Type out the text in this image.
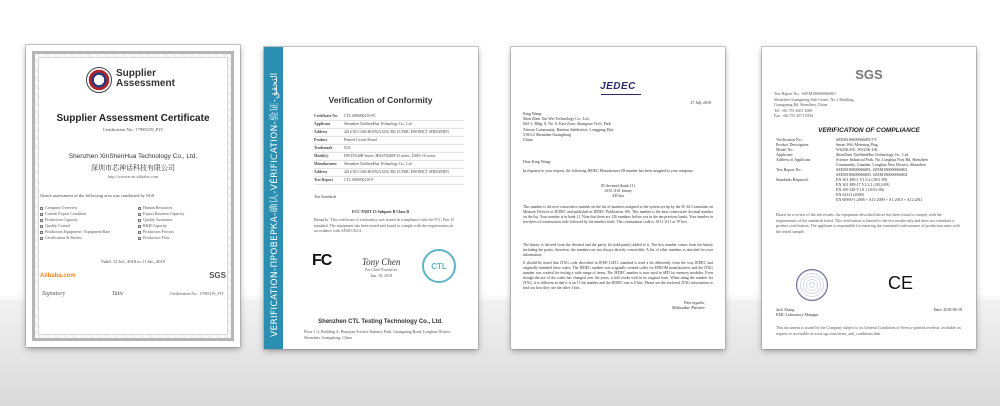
Supplier
Assessment
Supplier Assessment Certificate
Certification No.: 17985159_P1T
Shenzhen XinShenHua Technology Co., Ltd.
深圳市芯神话科技有限公司
http://xsmcn.en.alibaba.com
Onsite assessment of the following area was conducted by SGS
Company Overview
Current Export Condition
Production Capacity
Quality Control
Production Equipment / Equipment Rate
Certification & Patents
Human Resources
Export Business Capacity
Quality Assurance
R&D Capacity
Production Process
Production Flow
Valid: 12 Jul., 2018 to 11 Jul., 2019
Alibaba.com	SGS
Signatory	Tatic	Certification No.: 17985159_P1T	VERIFICATION-ПРОВЕРКА-确认-VÉRIFICATION-验证-التحقق
Verification of Conformity
Certificate No.	CTL1808050210-FC
Applicant	Shenzhen XinShenHua Technology Co., Ltd.
Address	421# NO.1046 HONGGANG RD LUOHU DISTRICT SHENZHEN
Product	Printed Circuit Board
Trademark	N/A
Model(s)	HW25X40H Series, HW25X40H-15 series, 250H~10 series
Manufacturer	Shenzhen XinShenHua Technology Co., Ltd.
Address	421# NO.1046 HONGGANG RD LUOHU DISTRICT SHENZHEN
Test Report	CTL1808050210-F
Test Standards
FCC PART 15 Subpart B Class B
Remarks: This certificate of conformity was issued in compliance with the FCC Part 15 standard. The equipment has been tested and found to comply with the requirements in accordance with ANSI C63.4.
FC	Tony Chen
For Chief Executive
Jun. 18, 2018
CTL
Shenzhen CTL Testing Technology Co., Ltd.
Floor 1-2, Building A, Huayuan Science Industry Park, Guanguang Road, Longhua District, Shenzhen, Guangdong, China
JEDEC
27 July 2018
King Wang
Shen Zhen Xin Wei Technology Co., Ltd.
602-1, Bldg. 8, No. 9, East Zone, Shangxue Tech. Park
Xinxue Community, Bantian Subdistrict, Longgang Dist.
518112 Shenzhen Guangdong
China
Dear King Wang:
In response to your request, the following JEDEC Manufacturer ID number has been assigned to your company:
85 decimal (bank 11)
1010 1101 binary
AD hex
This number is the next consecutive number on the list of numbers assigned to the system set-up by the JC-42 Committee on Memory Devices of JEDEC and published in JEDEC Publication 106. This number is the next consecutive decimal number on the list. Your number is in bank 11. Note that there are 126 numbers before you in the ten previous banks. Your number in ten bytes of continuation code followed by the number itself. The continuation code is: 0111 1111 or 7F hex.
The binary is derived from the decimal and the parity bit (odd parity) added to it. The hex number comes from the binary including the parity; therefore, the numbers are not always directly convertible. A list of other numbers is attached for your information.
It should be noted that JTAG code described in IEEE-1149.1 standard is used a bit differently from the way JEDEC had originally intended these codes. The JEDEC number was originally created solely for EPROM manufacturers and the JTAG number was created for testing a wide range of items. The JEDEC number is now used in SPD for memory modules. Even though the use of the codes has changed over the years, it still works well in its original form. When using the number for JTAG, it is different in that it is an 11-bit number and the JEDEC one is 8 bits. Please see the enclosed JTAG information to find out how they use the other 3 bits.
Best regards,
Maksudar Parmer
SGS
Test Report No.: SZEM180600066801
Shenzhen Guangming Sub-Center, No.1 Building,
Guanguang Rd, Shenzhen, China
Tel: +86 755 2601 2000
Fax: +86 755 2671 0594
VERIFICATION OF COMPLIANCE
Verification No.:	SZEM180600066801/TV
Product Description:	Smart Wifi Metering Plug
Model No.:	WS25K-EU, WS25K-UK
Applicant:	ShenZhen XinShenHua Technology Co., Ltd.
Address of Applicant:	Science Industrial Park, No. Longhua First Rd, Shenzhen
Community, Guanlan, Longhua New District, Shenzhen
Test Report No.:	SZEM180600066801, SZEM180600066802
SZEM180600066803, SZEM180600066804
Standards Required:	EN 301 489-1 V1.9.2 (2011-09)
EN 301 489-17 V2.2.1 (2012-09)
EN 300 328 V1.8.1 (2012-06)
EN 62311 (2008)
EN 60950-1:2006 + A11:2009 + A1:2010 + A12:2011
Based on a review of the test results, the equipment described above has been found to comply with the requirements of the standards listed. This verification is limited to the test results only and does not constitute a product certification. The applicant is responsible for ensuring the continued conformance of production units with the tested sample.
CE
Jack Zhang
EMC Laboratory Manager
Date: 2018-06-18
This document is issued by the Company subject to its General Conditions of Service printed overleaf, available on request or accessible at www.sgs.com/terms_and_conditions.htm.
